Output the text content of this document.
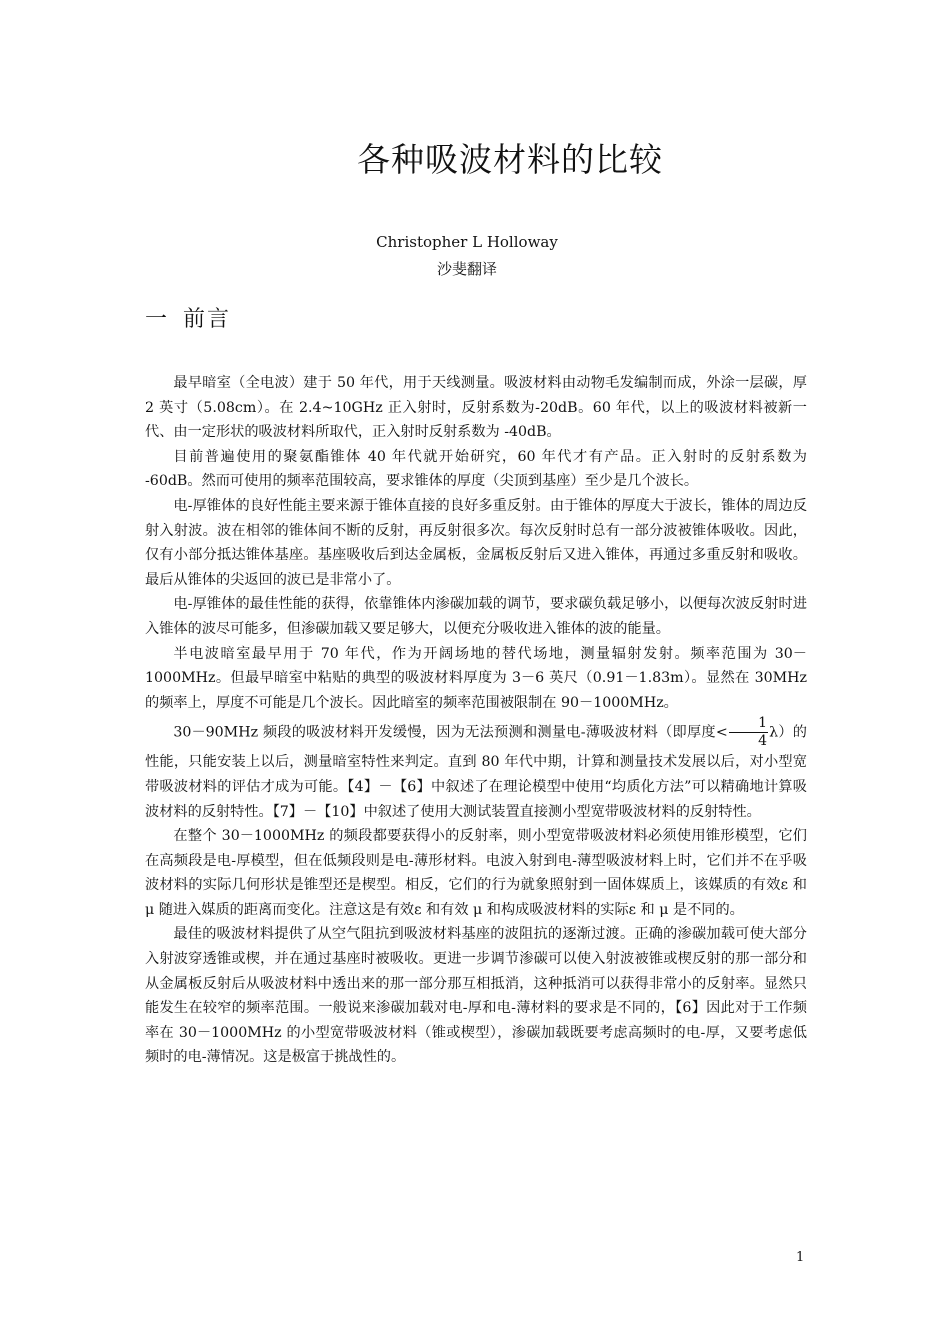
各种吸波材料的比较
Christopher L Holloway
沙斐翻译
一 前言

最早暗室（全电波）建于 50 年代，用于天线测量。吸波材料由动物毛发编制而成，外涂一层碳，厚 2 英寸（5.08cm）。在 2.4~10GHz 正入射时，反射系数为-20dB。60 年代，以上的吸波材料被新一代、由一定形状的吸波材料所取代，正入射时反射系数为 -40dB。

目前普遍使用的聚氨酯锥体 40 年代就开始研究，60 年代才有产品。正入射时的反射系数为 -60dB。然而可使用的频率范围较高，要求锥体的厚度（尖顶到基座）至少是几个波长。

电-厚锥体的良好性能主要来源于锥体直接的良好多重反射。由于锥体的厚度大于波长，锥体的周边反射入射波。波在相邻的锥体间不断的反射，再反射很多次。每次反射时总有一部分波被锥体吸收。因此，仅有小部分抵达锥体基座。基座吸收后到达金属板，金属板反射后又进入锥体，再通过多重反射和吸收。最后从锥体的尖返回的波已是非常小了。

电-厚锥体的最佳性能的获得，依靠锥体内渗碳加载的调节，要求碳负载足够小，以便每次波反射时进入锥体的波尽可能多，但渗碳加载又要足够大，以便充分吸收进入锥体的波的能量。

半电波暗室最早用于 70 年代，作为开阔场地的替代场地，测量辐射发射。频率范围为 30－1000MHz。但最早暗室中粘贴的典型的吸波材料厚度为 3－6 英尺（0.91－1.83m）。显然在 30MHz 的频率上，厚度不可能是几个波长。因此暗室的频率范围被限制在 90－1000MHz。

30－90MHz 频段的吸波材料开发缓慢，因为无法预测和测量电-薄吸波材料（即厚度< $\frac{1}{4} \lambda$）的性能，只能安装上以后，测量暗室特性来判定。直到 80 年代中期，计算和测量技术发展以后，对小型宽带吸波材料的评估才成为可能。【4】－【6】中叙述了在理论模型中使用“均质化方法”可以精确地计算吸波材料的反射特性。【7】－【10】中叙述了使用大测试装置直接测小型宽带吸波材料的反射特性。

在整个 30－1000MHz 的频段都要获得小的反射率，则小型宽带吸波材料必须使用锥形模型，它们在高频段是电-厚模型，但在低频段则是电-薄形材料。电波入射到电-薄型吸波材料上时，它们并不在乎吸波材料的实际几何形状是锥型还是楔型。相反，它们的行为就象照射到一固体媒质上，该媒质的有效ε 和 μ 随进入媒质的距离而变化。注意这是有效ε 和有效 μ 和构成吸波材料的实际ε 和 μ 是不同的。

最佳的吸波材料提供了从空气阻抗到吸波材料基座的波阻抗的逐渐过渡。正确的渗碳加载可使大部分入射波穿透锥或楔，并在通过基座时被吸收。更进一步调节渗碳可以使入射波被锥或楔反射的那一部分和从金属板反射后从吸波材料中透出来的那一部分那互相抵消，这种抵消可以获得非常小的反射率。显然只能发生在较窄的频率范围。一般说来渗碳加载对电-厚和电-薄材料的要求是不同的，【6】因此对于工作频率在 30－1000MHz 的小型宽带吸波材料（锥或楔型），渗碳加载既要考虑高频时的电-厚，又要考虑低频时的电-薄情况。这是极富于挑战性的。

1
